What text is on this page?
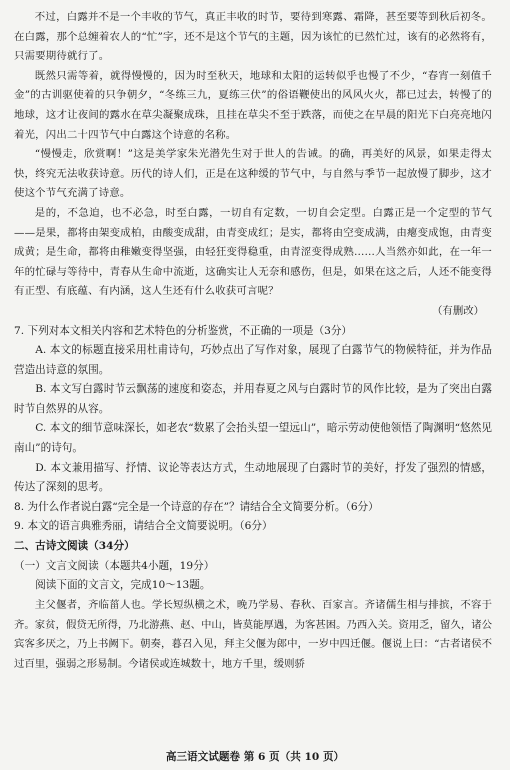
不过，白露并不是一个丰收的节气，真正丰收的时节，要待到寒露、霜降，甚至要等到秋后初冬。在白露，那个总缠着农人的“忙”字，还不是这个节气的主题，因为该忙的已然忙过，该有的必然将有，只需要期待就行了。

既然只需等着，就得慢慢的，因为时至秋天，地球和太阳的运转似乎也慢了不少，“春宵一刻值千金”的古训驱使着的只争朝夕，“冬练三九，夏练三伏”的俗语鞭使出的风风火火，都已过去，转慢了的地球，这才让夜间的露水在草尖凝聚成珠，且挂在草尖不至于跌落，而使之在早晨的阳光下白亮亮地闪着光，闪出二十四节气中白露这个诗意的名称。

“慢慢走，欣赏啊！”这是美学家朱光潜先生对于世人的告诫。的确，再美好的风景，如果走得太快，终究无法收获诗意。历代的诗人们，正是在这种缓的节气中，与自然与季节一起放慢了脚步，这才使这个节气充满了诗意。

是的，不急迫，也不必急，时至白露，一切自有定数，一切自会定型。白露正是一个定型的节气——是果，都将由架变成柏，由酸变成甜，由青变成红；是实，都将由空变成满，由瘪变成饱，由青变成黄；是生命，都将由稚嫩变得坚强，由轻狂变得稳重，由青涩变得成熟……人当然亦如此，在一年一年的忙碌与等待中，青春从生命中流逝，这确实让人无奈和感伤，但是，如果在这之后，人还不能变得有正型、有底蕴、有内涵，这人生还有什么收获可言呢？

（有删改）

7. 下列对本文相关内容和艺术特色的分析鉴赏，不正确的一项是（3分）

A. 本文的标题直接采用杜甫诗句，巧妙点出了写作对象，展现了白露节气的物候特征，并为作品营造出诗意的氛围。

B. 本文写白露时节云飘荡的速度和姿态，并用春夏之风与白露时节的风作比较，是为了突出白露时节自然界的从容。

C. 本文的细节意味深长，如老农“数累了会抬头望一望远山”，暗示劳动使他领悟了陶渊明“悠然见南山”的诗句。

D. 本文兼用描写、抒情、议论等表达方式，生动地展现了白露时节的美好，抒发了强烈的情感，传达了深刻的思考。

8. 为什么作者说白露“完全是一个诗意的存在”？请结合全文简要分析。（6分）

9. 本文的语言典雅秀丽，请结合全文简要说明。（6分）

二、古诗文阅读（34分）

（一）文言文阅读（本题共4小题，19分）

阅读下面的文言文，完成10～13题。

主父偃者，齐临菑人也。学长短纵横之术，晚乃学易、春秋、百家言。齐诸儒生相与排摈，不容于齐。家贫，假贷无所得，乃北游燕、赵、中山，皆莫能厚遇，为客甚困。乃西入关。资用乏，留久，诸公宾客多厌之，乃上书阙下。朝奏，暮召入见，拜主父偃为郎中，一岁中四迁偃。偃说上曰：“古者诸侯不过百里，强弱之形易制。今诸侯或连城数十，地方千里，缓则骄

高三语文试题卷 第 6 页（共 10 页）
